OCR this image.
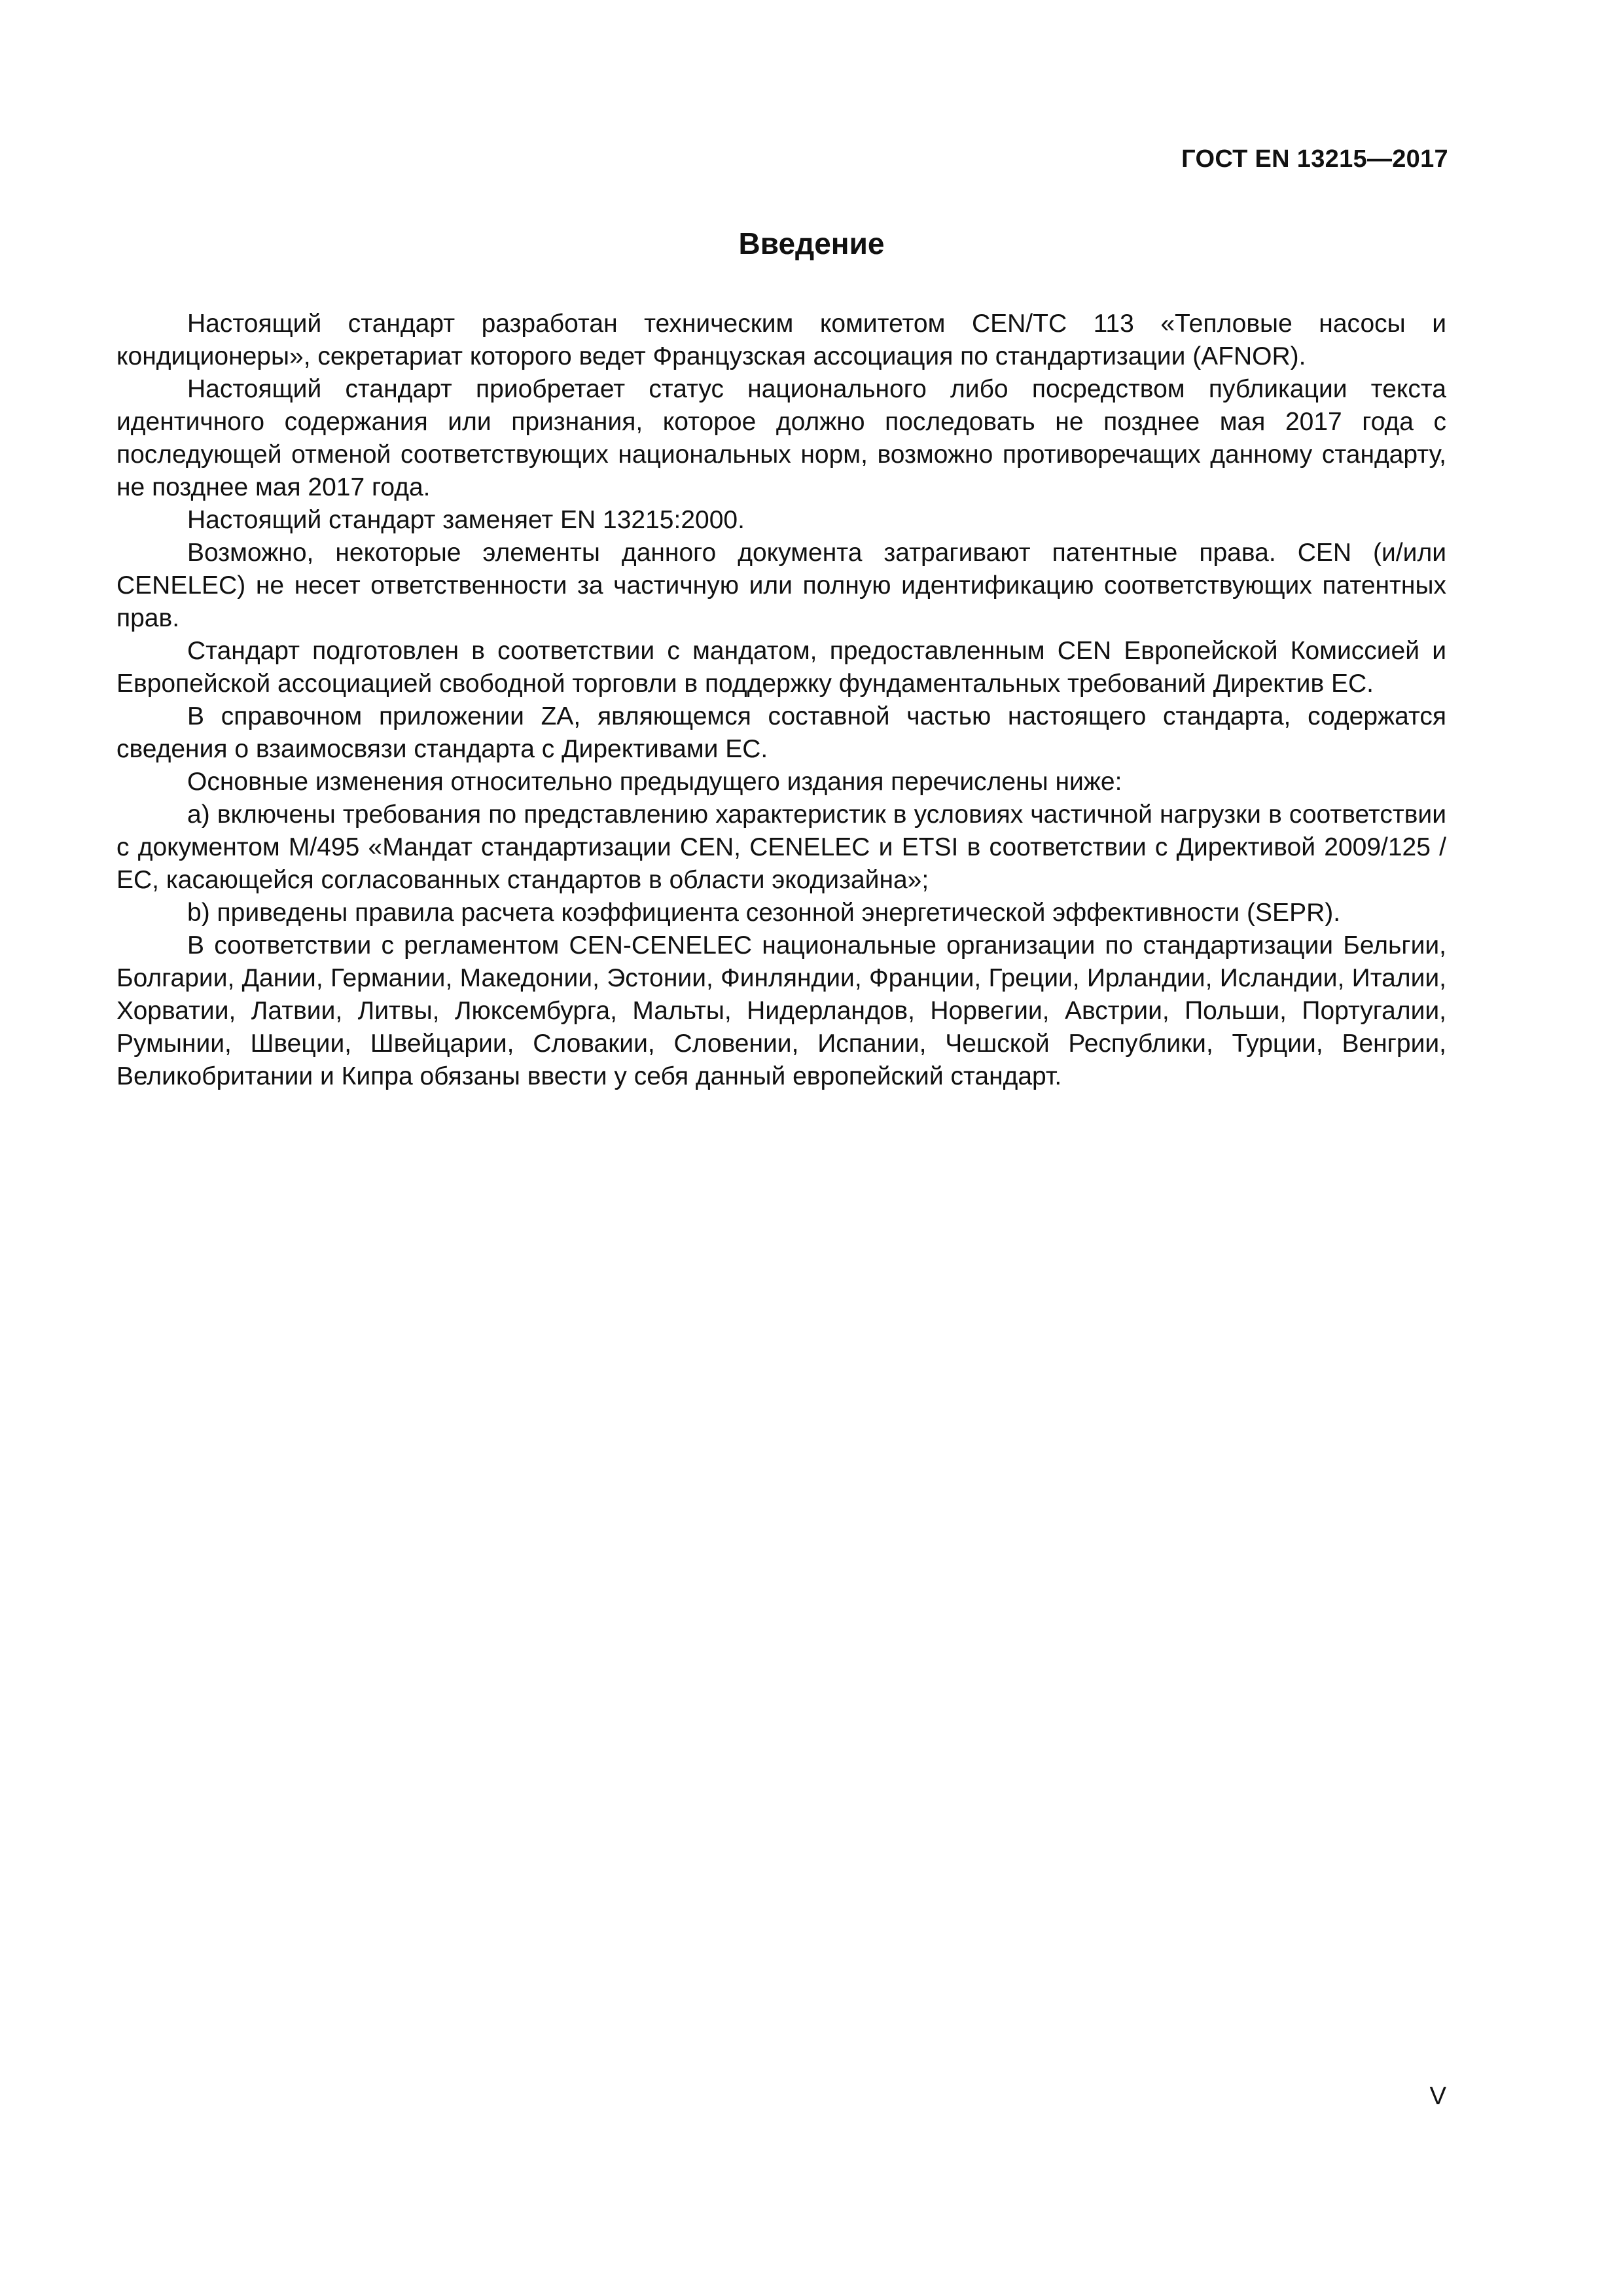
ГОСТ EN 13215—2017
Введение

Настоящий стандарт разработан техническим комитетом CEN/TC 113 «Тепловые насосы и кондиционеры», секретариат которого ведет Французская ассоциация по стандартизации (AFNOR).

Настоящий стандарт приобретает статус национального либо посредством публикации текста идентичного содержания или признания, которое должно последовать не позднее мая 2017 года с последующей отменой соответствующих национальных норм, возможно противоречащих данному стандарту, не позднее мая 2017 года.

Настоящий стандарт заменяет EN 13215:2000.

Возможно, некоторые элементы данного документа затрагивают патентные права. CEN (и/или CENELEC) не несет ответственности за частичную или полную идентификацию соответствующих патентных прав.

Стандарт подготовлен в соответствии с мандатом, предоставленным CEN Европейской Комиссией и Европейской ассоциацией свободной торговли в поддержку фундаментальных требований Директив ЕС.

В справочном приложении ZA, являющемся составной частью настоящего стандарта, содержатся сведения о взаимосвязи стандарта с Директивами ЕС.

Основные изменения относительно предыдущего издания перечислены ниже:

a) включены требования по представлению характеристик в условиях частичной нагрузки в соответствии с документом M/495 «Мандат стандартизации CEN, CENELEC и ETSI в соответствии с Директивой 2009/125 / EC, касающейся согласованных стандартов в области экодизайна»;

b) приведены правила расчета коэффициента сезонной энергетической эффективности (SEPR).

В соответствии с регламентом CEN-CENELEC национальные организации по стандартизации Бельгии, Болгарии, Дании, Германии, Македонии, Эстонии, Финляндии, Франции, Греции, Ирландии, Исландии, Италии, Хорватии, Латвии, Литвы, Люксембурга, Мальты, Нидерландов, Норвегии, Австрии, Польши, Португалии, Румынии, Швеции, Швейцарии, Словакии, Словении, Испании, Чешской Республики, Турции, Венгрии, Великобритании и Кипра обязаны ввести у себя данный европейский стандарт.

V
